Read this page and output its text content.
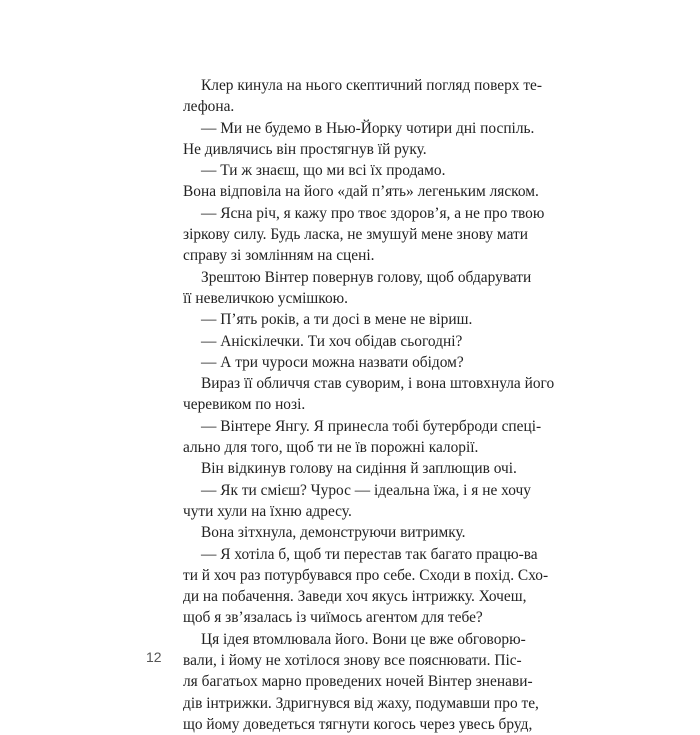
Клер кинула на нього скептичний погляд поверх те-
лефона.
— Ми не будемо в Нью-Йорку чотири дні поспіль.
Не дивлячись він простягнув їй руку.
— Ти ж знаєш, що ми всі їх продамо.
Вона відповіла на його «дай п’ять» легеньким ляском.
— Ясна річ, я кажу про твоє здоров’я, а не про твою
зіркову силу. Будь ласка, не змушуй мене знову мати
справу зі зомлінням на сцені.
Зрештою Вінтер повернув голову, щоб обдарувати
її невеличкою усмішкою.
— П’ять років, а ти досі в мене не віриш.
— Аніскілечки. Ти хоч обідав сьогодні?
— А три чуроси можна назвати обідом?
Вираз її обличчя став суворим, і вона штовхнула його
черевиком по нозі.
— Вінтере Янгу. Я принесла тобі бутерброди спеці-
ально для того, щоб ти не їв порожні калорії.
Він відкинув голову на сидіння й заплющив очі.
— Як ти смієш? Чурос — ідеальна їжа, і я не хочу
чути хули на їхню адресу.
Вона зітхнула, демонструючи витримку.
— Я хотіла б, щоб ти перестав так багато працю-ва
ти й хоч раз потурбувався про себе. Сходи в похід. Схо-
ди на побачення. Заведи хоч якусь інтрижку. Хочеш,
щоб я зв’язалась із чиїмось агентом для тебе?
Ця ідея втомлювала його. Вони це вже обговорю-
вали, і йому не хотілося знову все пояснювати. Піс-
ля багатьох марно проведених ночей Вінтер зненави-
дів інтрижки. Здригнувся від жаху, подумавши про те,
що йому доведеться тягнути когось через увесь бруд,
12
